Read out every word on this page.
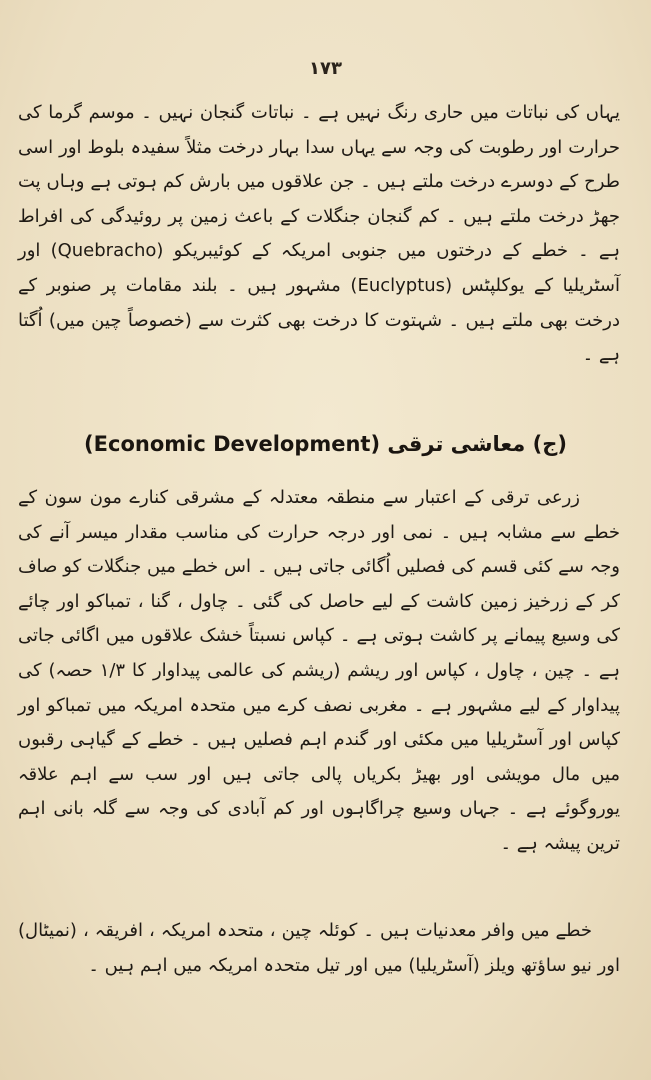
۱۷۳
یہاں کی نباتات میں حاری رنگ نہیں ہے ۔ نباتات گنجان نہیں ۔ موسم گرما کی حرارت اور رطوبت کی وجہ سے یہاں سدا بہار درخت مثلاً سفیدہ بلوط اور اسی طرح کے دوسرے درخت ملتے ہیں ۔ جن علاقوں میں بارش کم ہوتی ہے وہاں پت جھڑ درخت ملتے ہیں ۔ کم گنجان جنگلات کے باعث زمین پر روئیدگی کی افراط ہے ۔ خطے کے درختوں میں جنوبی امریکہ کے کوئیبریکو (Quebracho) اور آسٹریلیا کے یوکلپٹس (Euclyptus) مشہور ہیں ۔ بلند مقامات پر صنوبر کے درخت بھی ملتے ہیں ۔ شہتوت کا درخت بھی کثرت سے (خصوصاً چین میں) اُگتا ہے ۔
(ج) معاشی ترقی (Economic Development)
زرعی ترقی کے اعتبار سے منطقہ معتدلہ کے مشرقی کنارے مون سون کے خطے سے مشابہ ہیں ۔ نمی اور درجہ حرارت کی مناسب مقدار میسر آنے کی وجہ سے کئی قسم کی فصلیں اُگائی جاتی ہیں ۔ اس خطے میں جنگلات کو صاف کر کے زرخیز زمین کاشت کے لیے حاصل کی گئی ۔ چاول ، گنا ، تمباکو اور چائے کی وسیع پیمانے پر کاشت ہوتی ہے ۔ کپاس نسبتاً خشک علاقوں میں اگائی جاتی ہے ۔ چین ، چاول ، کپاس اور ریشم (ریشم کی عالمی پیداوار کا ۱/۳ حصہ) کی پیداوار کے لیے مشہور ہے ۔ مغربی نصف کرے میں متحدہ امریکہ میں تمباکو اور کپاس اور آسٹریلیا میں مکئی اور گندم اہم فصلیں ہیں ۔ خطے کے گیاہی رقبوں میں مال مویشی اور بھیڑ بکریاں پالی جاتی ہیں اور سب سے اہم علاقہ یوروگوئے ہے ۔ جہاں وسیع چراگاہوں اور کم آبادی کی وجہ سے گلہ بانی اہم ترین پیشہ ہے ۔
خطے میں وافر معدنیات ہیں ۔ کوئلہ چین ، متحدہ امریکہ ، افریقہ ، (نمیٹال) اور نیو ساؤتھ ویلز (آسٹریلیا) میں اور تیل متحدہ امریکہ میں اہم ہیں ۔
